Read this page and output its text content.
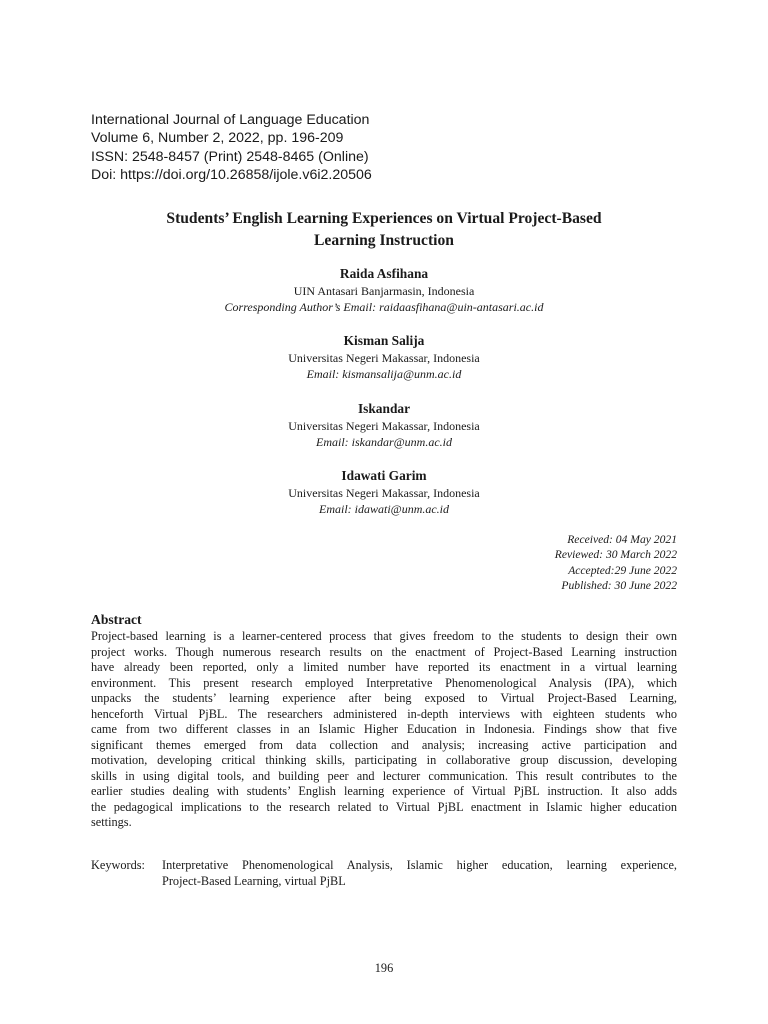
International Journal of Language Education
Volume 6, Number 2, 2022, pp. 196-209
ISSN: 2548-8457 (Print) 2548-8465 (Online)
Doi: https://doi.org/10.26858/ijole.v6i2.20506
Students’ English Learning Experiences on Virtual Project-Based
Learning Instruction
Raida Asfihana
UIN Antasari Banjarmasin, Indonesia
Corresponding Author’s Email: raidaasfihana@uin-antasari.ac.id
Kisman Salija
Universitas Negeri Makassar, Indonesia
Email: kismansalija@unm.ac.id
Iskandar
Universitas Negeri Makassar, Indonesia
Email: iskandar@unm.ac.id
Idawati Garim
Universitas Negeri Makassar, Indonesia
Email: idawati@unm.ac.id
Received: 04 May 2021
Reviewed: 30 March 2022
Accepted:29 June 2022
Published: 30 June 2022
Abstract
Project-based learning is a learner-centered process that gives freedom to the students to design their own
project works. Though numerous research results on the enactment of Project-Based Learning instruction
have already been reported, only a limited number have reported its enactment in a virtual learning
environment. This present research employed Interpretative Phenomenological Analysis (IPA), which
unpacks the students’ learning experience after being exposed to Virtual Project-Based Learning,
henceforth Virtual PjBL. The researchers administered in-depth interviews with eighteen students who
came from two different classes in an Islamic Higher Education in Indonesia. Findings show that five
significant themes emerged from data collection and analysis; increasing active participation and
motivation, developing critical thinking skills, participating in collaborative group discussion, developing
skills in using digital tools, and building peer and lecturer communication. This result contributes to the
earlier studies dealing with students’ English learning experience of Virtual PjBL instruction. It also adds
the pedagogical implications to the research related to Virtual PjBL enactment in Islamic higher education
settings.
Keywords:	Interpretative Phenomenological Analysis, Islamic higher education, learning experience,
Project-Based Learning, virtual PjBL
196
